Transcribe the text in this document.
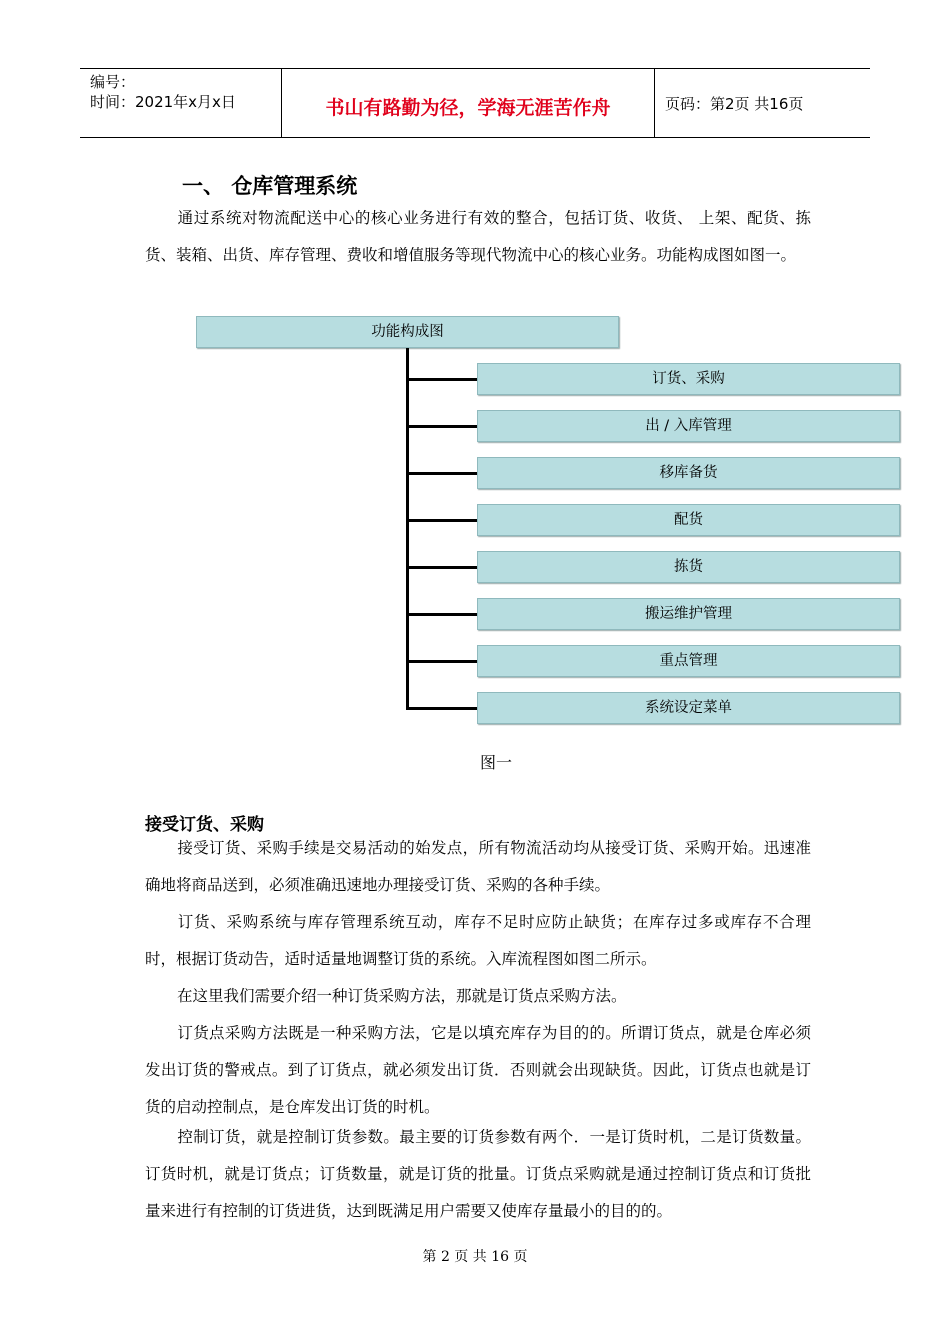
编号：
时间：2021年x月x日	书山有路勤为径，学海无涯苦作舟	页码：第2页 共16页
一、 仓库管理系统

通过系统对物流配送中心的核心业务进行有效的整合，包括订货、收货、 上架、配货、拣货、装箱、出货、库存管理、费收和增值服务等现代物流中心的核心业务。功能构成图如图一。

功能构成图
订货、采购
出 / 入库管理
移库备货
配货
拣货
搬运维护管理
重点管理
系统设定菜单
图一
接受订货、采购

接受订货、采购手续是交易活动的始发点，所有物流活动均从接受订货、采购开始。迅速准确地将商品送到，必须准确迅速地办理接受订货、采购的各种手续。

订货、采购系统与库存管理系统互动，库存不足时应防止缺货；在库存过多或库存不合理时，根据订货动告，适时适量地调整订货的系统。入库流程图如图二所示。

在这里我们需要介绍一种订货采购方法，那就是订货点采购方法。

订货点采购方法既是一种采购方法，它是以填充库存为目的的。所谓订货点，就是仓库必须发出订货的警戒点。到了订货点，就必须发出订货．否则就会出现缺货。因此，订货点也就是订货的启动控制点，是仓库发出订货的时机。

控制订货，就是控制订货参数。最主要的订货参数有两个．一是订货时机，二是订货数量。订货时机，就是订货点；订货数量，就是订货的批量。订货点采购就是通过控制订货点和订货批量来进行有控制的订货进货，达到既满足用户需要又使库存量最小的目的的。

第 2 页 共 16 页
